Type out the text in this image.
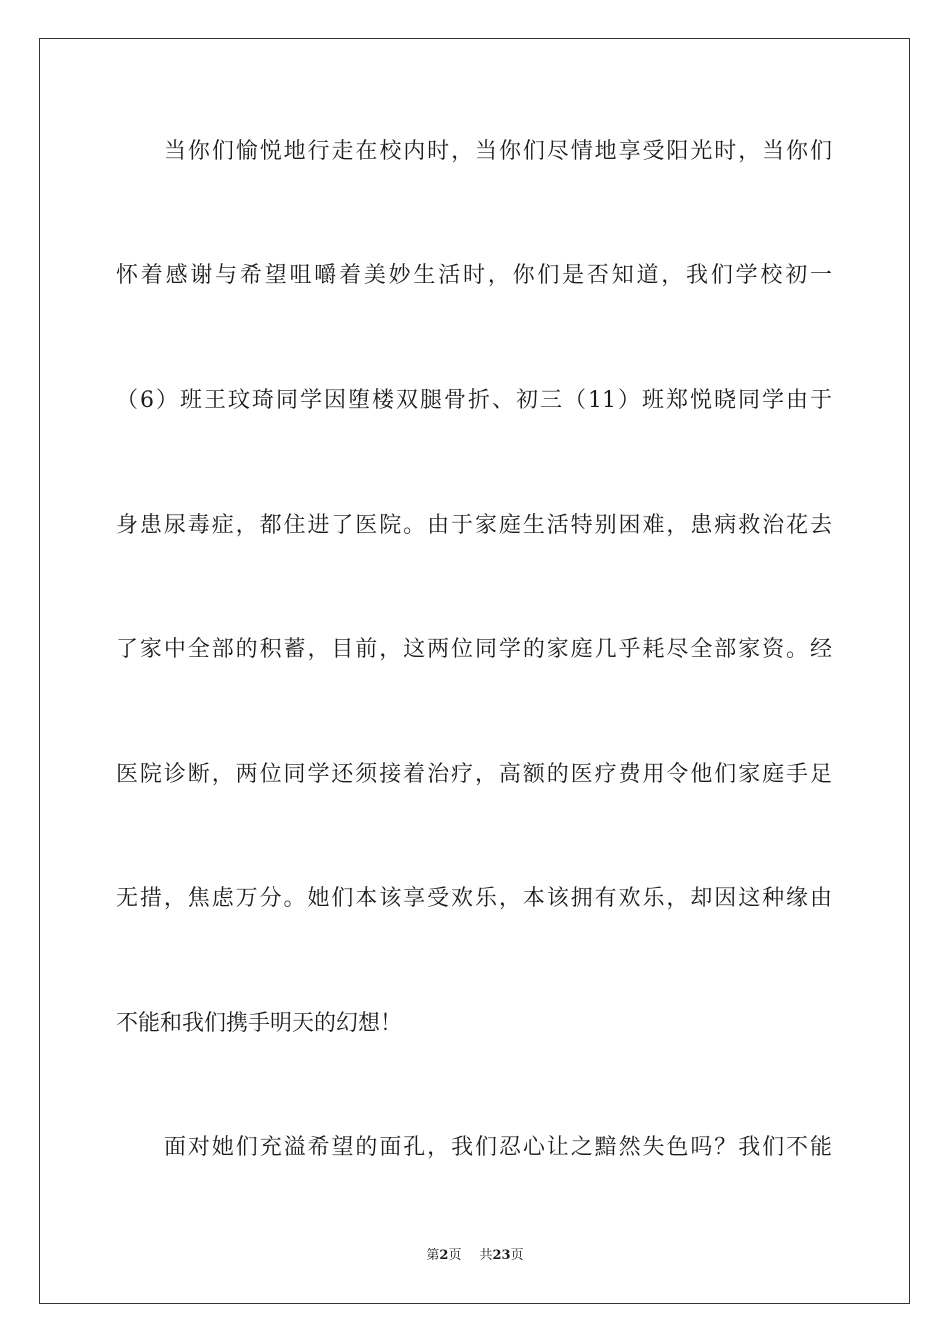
当你们愉悦地行走在校内时，当你们尽情地享受阳光时，当你们
怀着感谢与希望咀嚼着美妙生活时，你们是否知道，我们学校初一
（6）班王玟琦同学因堕楼双腿骨折、初三（11）班郑悦晓同学由于
身患尿毒症，都住进了医院。由于家庭生活特别困难，患病救治花去
了家中全部的积蓄，目前，这两位同学的家庭几乎耗尽全部家资。经
医院诊断，两位同学还须接着治疗，高额的医疗费用令他们家庭手足
无措，焦虑万分。她们本该享受欢乐，本该拥有欢乐，却因这种缘由
不能和我们携手明天的幻想！
面对她们充溢希望的面孔，我们忍心让之黯然失色吗？我们不能
第2页 共23页
